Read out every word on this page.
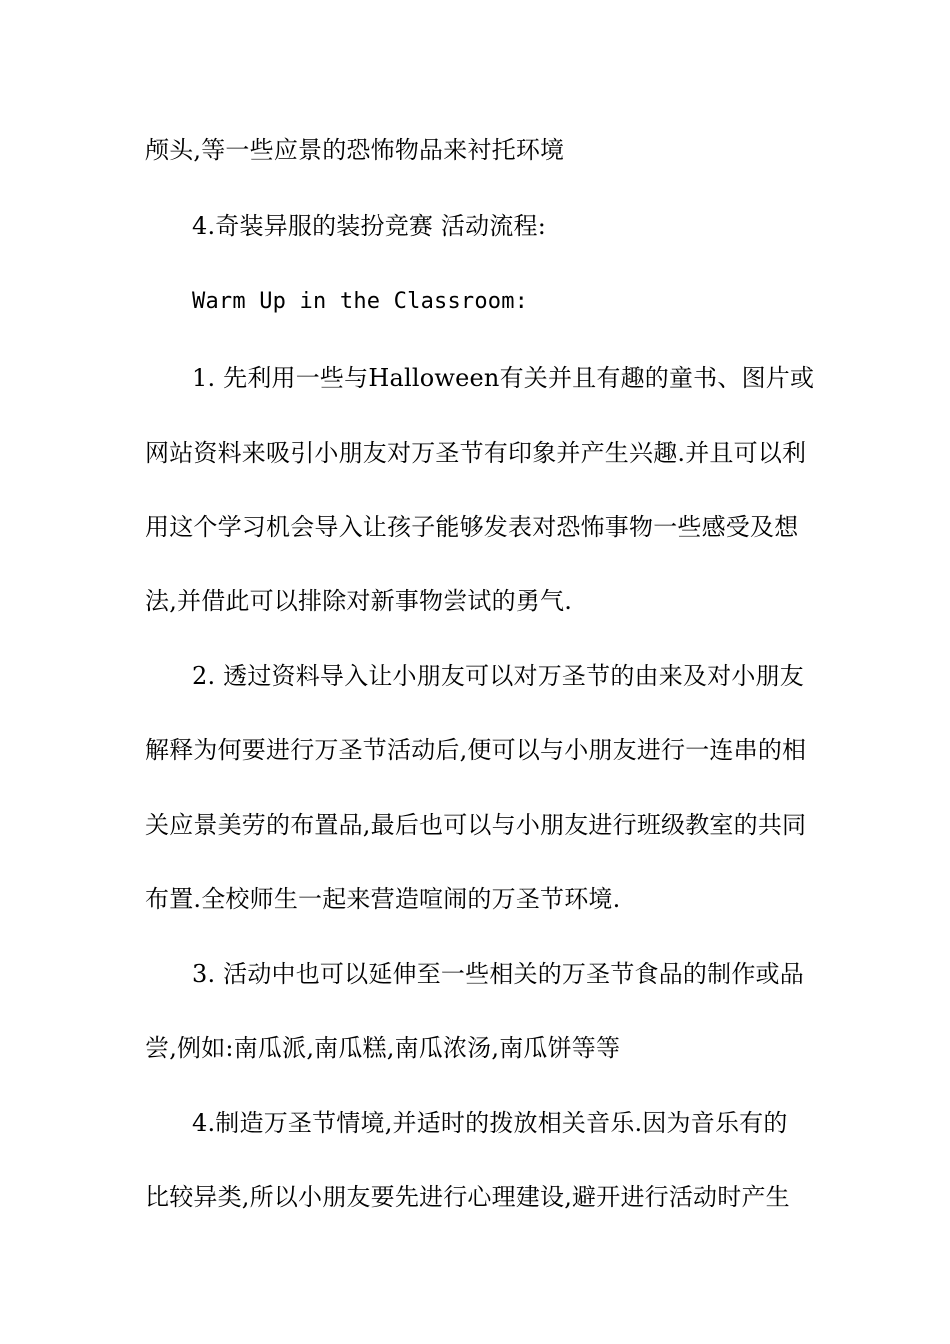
颅头,等一些应景的恐怖物品来衬托环境
4.奇装异服的装扮竞赛 活动流程:
Warm Up in the Classroom:
1. 先利用一些与Halloween有关并且有趣的童书、图片或
网站资料来吸引小朋友对万圣节有印象并产生兴趣.并且可以利
用这个学习机会导入让孩子能够发表对恐怖事物一些感受及想
法,并借此可以排除对新事物尝试的勇气.
2. 透过资料导入让小朋友可以对万圣节的由来及对小朋友
解释为何要进行万圣节活动后,便可以与小朋友进行一连串的相
关应景美劳的布置品,最后也可以与小朋友进行班级教室的共同
布置.全校师生一起来营造喧闹的万圣节环境.
3. 活动中也可以延伸至一些相关的万圣节食品的制作或品
尝,例如:南瓜派,南瓜糕,南瓜浓汤,南瓜饼等等
4.制造万圣节情境,并适时的拨放相关音乐.因为音乐有的
比较异类,所以小朋友要先进行心理建设,避开进行活动时产生
